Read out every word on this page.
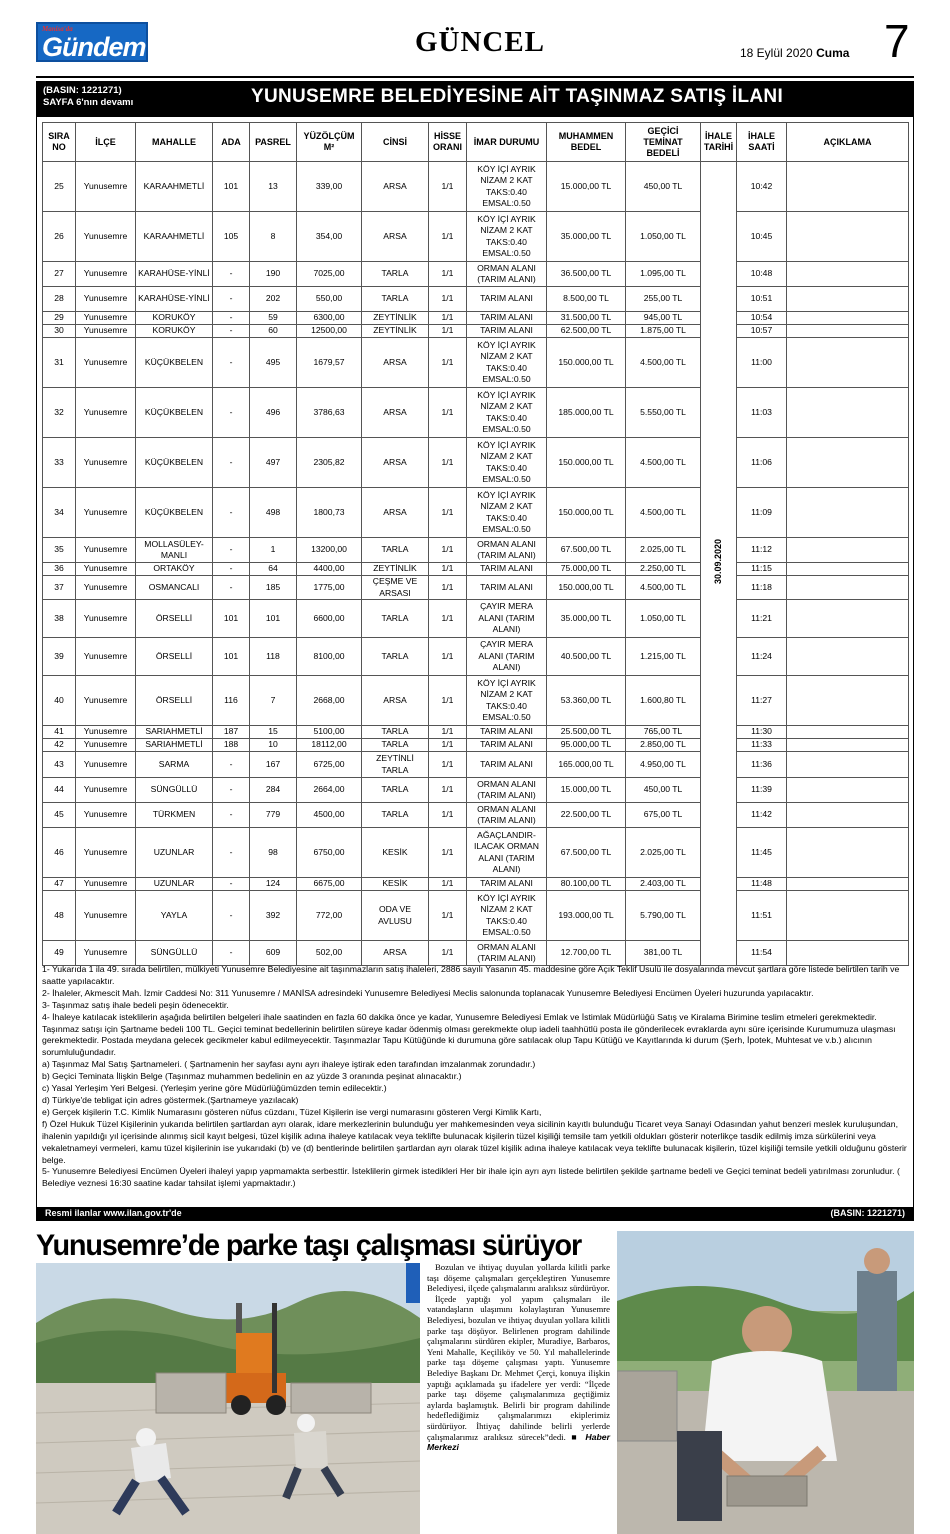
Manisa'da
Gündem	GÜNCEL	18 Eylül 2020 Cuma 7
(BASIN: 1221271)
SAYFA 6'nın devamı	YUNUSEMRE BELEDİYESİNE AİT TAŞINMAZ SATIŞ İLANI
SIRA NO	İLÇE	MAHALLE	ADA	PASREL	YÜZÖLÇÜM M²	CİNSİ	HİSSE ORANI	İMAR DURUMU	MUHAMMEN BEDEL	GEÇİCİ TEMİNAT BEDELİ	İHALE TARİHİ	İHALE SAATİ	AÇIKLAMA
25	Yunusemre	KARAAHMETLİ	101	13	339,00	ARSA	1/1	KÖY İÇİ AYRIK NİZAM 2 KAT TAKS:0.40 EMSAL:0.50	15.000,00 TL	450,00 TL	30.09.2020	10:42	
26	Yunusemre	KARAAHMETLİ	105	8	354,00	ARSA	1/1	KÖY İÇİ AYRIK NİZAM 2 KAT TAKS:0.40 EMSAL:0.50	35.000,00 TL	1.050,00 TL		10:45	
27	Yunusemre	KARAHÜSE-YİNLİ	-	190	7025,00	TARLA	1/1	ORMAN ALANI (TARIM ALANI)	36.500,00 TL	1.095,00 TL		10:48	
28	Yunusemre	KARAHÜSE-YİNLİ	-	202	550,00	TARLA	1/1	TARIM ALANI	8.500,00 TL	255,00 TL		10:51	
29	Yunusemre	KORUKÖY	-	59	6300,00	ZEYTİNLİK	1/1	TARIM ALANI	31.500,00 TL	945,00 TL		10:54	
30	Yunusemre	KORUKÖY	-	60	12500,00	ZEYTİNLİK	1/1	TARIM ALANI	62.500,00 TL	1.875,00 TL		10:57	
31	Yunusemre	KÜÇÜKBELEN	-	495	1679,57	ARSA	1/1	KÖY İÇİ AYRIK NİZAM 2 KAT TAKS:0.40 EMSAL:0.50	150.000,00 TL	4.500,00 TL		11:00	
32	Yunusemre	KÜÇÜKBELEN	-	496	3786,63	ARSA	1/1	KÖY İÇİ AYRIK NİZAM 2 KAT TAKS:0.40 EMSAL:0.50	185.000,00 TL	5.550,00 TL		11:03	
33	Yunusemre	KÜÇÜKBELEN	-	497	2305,82	ARSA	1/1	KÖY İÇİ AYRIK NİZAM 2 KAT TAKS:0.40 EMSAL:0.50	150.000,00 TL	4.500,00 TL		11:06	
34	Yunusemre	KÜÇÜKBELEN	-	498	1800,73	ARSA	1/1	KÖY İÇİ AYRIK NİZAM 2 KAT TAKS:0.40 EMSAL:0.50	150.000,00 TL	4.500,00 TL		11:09	
35	Yunusemre	MOLLASÜLEY-MANLI	-	1	13200,00	TARLA	1/1	ORMAN ALANI (TARIM ALANI)	67.500,00 TL	2.025,00 TL		11:12	
36	Yunusemre	ORTAKÖY	-	64	4400,00	ZEYTİNLİK	1/1	TARIM ALANI	75.000,00 TL	2.250,00 TL		11:15	
37	Yunusemre	OSMANCALI	-	185	1775,00	ÇEŞME VE ARSASI	1/1	TARIM ALANI	150.000,00 TL	4.500,00 TL		11:18	
38	Yunusemre	ÖRSELLİ	101	101	6600,00	TARLA	1/1	ÇAYIR MERA ALANI (TARIM ALANI)	35.000,00 TL	1.050,00 TL		11:21	
39	Yunusemre	ÖRSELLİ	101	118	8100,00	TARLA	1/1	ÇAYIR MERA ALANI (TARIM ALANI)	40.500,00 TL	1.215,00 TL		11:24	
40	Yunusemre	ÖRSELLİ	116	7	2668,00	ARSA	1/1	KÖY İÇİ AYRIK NİZAM 2 KAT TAKS:0.40 EMSAL:0.50	53.360,00 TL	1.600,80 TL		11:27	
41	Yunusemre	SARIAHMETLİ	187	15	5100,00	TARLA	1/1	TARIM ALANI	25.500,00 TL	765,00 TL		11:30	
42	Yunusemre	SARIAHMETLİ	188	10	18112,00	TARLA	1/1	TARIM ALANI	95.000,00 TL	2.850,00 TL		11:33	
43	Yunusemre	SARMA	-	167	6725,00	ZEYTİNLİ TARLA	1/1	TARIM ALANI	165.000,00 TL	4.950,00 TL		11:36	
44	Yunusemre	SÜNGÜLLÜ	-	284	2664,00	TARLA	1/1	ORMAN ALANI (TARIM ALANI)	15.000,00 TL	450,00 TL		11:39	
45	Yunusemre	TÜRKMEN	-	779	4500,00	TARLA	1/1	ORMAN ALANI (TARIM ALANI)	22.500,00 TL	675,00 TL		11:42	
46	Yunusemre	UZUNLAR	-	98	6750,00	KESİK	1/1	AĞAÇLANDIR-ILACAK ORMAN ALANI (TARIM ALANI)	67.500,00 TL	2.025,00 TL		11:45	
47	Yunusemre	UZUNLAR	-	124	6675,00	KESİK	1/1	TARIM ALANI	80.100,00 TL	2.403,00 TL		11:48	
48	Yunusemre	YAYLA	-	392	772,00	ODA VE AVLUSU	1/1	KÖY İÇİ AYRIK NİZAM 2 KAT TAKS:0.40 EMSAL:0.50	193.000,00 TL	5.790,00 TL		11:51	
49	Yunusemre	SÜNGÜLLÜ	-	609	502,00	ARSA	1/1	ORMAN ALANI (TARIM ALANI)	12.700,00 TL	381,00 TL		11:54	

1- Yukarıda 1 ila 49. sırada belirtilen, mülkiyeti Yunusemre Belediyesine ait taşınmazların satış ihaleleri, 2886 sayılı Yasanın 45. maddesine göre Açık Teklif Usulü ile dosyalarında mevcut şartlara göre listede belirtilen tarih ve saatte yapılacaktır.

2- İhaleler, Akmescit Mah. İzmir Caddesi No: 311 Yunusemre / MANİSA adresindeki Yunusemre Belediyesi Meclis salonunda toplanacak Yunusemre Belediyesi Encümen Üyeleri huzurunda yapılacaktır.

3- Taşınmaz satış ihale bedeli peşin ödenecektir.

4- İhaleye katılacak isteklilerin aşağıda belirtilen belgeleri ihale saatinden en fazla 60 dakika önce ye kadar, Yunusemre Belediyesi Emlak ve İstimlak Müdürlüğü Satış ve Kiralama Birimine teslim etmeleri gerekmektedir. Taşınmaz satışı için Şartname bedeli 100 TL. Geçici teminat bedellerinin belirtilen süreye kadar ödenmiş olması gerekmekte olup iadeli taahhütlü posta ile gönderilecek evraklarda aynı süre içerisinde Kurumumuza ulaşması gerekmektedir. Postada meydana gelecek gecikmeler kabul edilmeyecektir. Taşınmazlar Tapu Kütüğünde ki durumuna göre satılacak olup Tapu Kütüğü ve Kayıtlarında ki durum (Şerh, İpotek, Muhtesat ve v.b.) alıcının sorumluluğundadır.

a) Taşınmaz Mal Satış Şartnameleri. ( Şartnamenin her sayfası aynı ayrı ihaleye iştirak eden tarafından imzalanmak zorundadır.)

b) Geçici Teminata İlişkin Belge (Taşınmaz muhammen bedelinin en az yüzde 3 oranında peşinat alınacaktır.)

c) Yasal Yerleşim Yeri Belgesi. (Yerleşim yerine göre Müdürlüğümüzden temin edilecektir.)

d) Türkiye'de tebligat için adres göstermek.(Şartnameye yazılacak)

e) Gerçek kişilerin T.C. Kimlik Numarasını gösteren nüfus cüzdanı, Tüzel Kişilerin ise vergi numarasını gösteren Vergi Kimlik Kartı,

f) Özel Hukuk Tüzel Kişilerinin yukarıda belirtilen şartlardan ayrı olarak, idare merkezlerinin bulunduğu yer mahkemesinden veya sicilinin kayıtlı bulunduğu Ticaret veya Sanayi Odasından yahut benzeri meslek kuruluşundan, ihalenin yapıldığı yıl içerisinde alınmış sicil kayıt belgesi, tüzel kişilik adına ihaleye katılacak veya teklifte bulunacak kişilerin tüzel kişiliği temsile tam yetkili oldukları gösterir noterlikçe tasdik edilmiş imza sürkülerini veya vekaletnameyi vermeleri, kamu tüzel kişilerinin ise yukarıdaki (b) ve (d) bentlerinde belirtilen şartlardan ayrı olarak tüzel kişilik adına ihaleye katılacak veya teklifte bulunacak kişilerin, tüzel kişiliği temsile yetkili olduğunu gösterir belge.

5- Yunusemre Belediyesi Encümen Üyeleri ihaleyi yapıp yapmamakta serbesttir. İsteklilerin girmek istedikleri Her bir ihale için ayrı ayrı listede belirtilen şekilde şartname bedeli ve Geçici teminat bedeli yatırılması zorunludur. ( Belediye veznesi 16:30 saatine kadar tahsilat işlemi yapmaktadır.)

Resmi ilanlar www.ilan.gov.tr'de	(BASIN: 1221271)
Yunusemre’de parke taşı çalışması sürüyor

Bozulan ve ihtiyaç duyulan yollarda kilitli parke taşı döşeme çalışmaları gerçekleştiren Yunusemre Belediyesi, ilçede çalışmalarını aralıksız sürdürüyor.

İlçede yaptığı yol yapım çalışmaları ile vatandaşların ulaşımını kolaylaştıran Yunusemre Belediyesi, bozulan ve ihtiyaç duyulan yollara kilitli parke taşı döşüyor. Belirlenen program dahilinde çalışmalarını sürdüren ekipler, Muradiye, Barbaros, Yeni Mahalle, Keçiliköy ve 50. Yıl mahallelerinde parke taşı döşeme çalışması yaptı. Yunusemre Belediye Başkanı Dr. Mehmet Çerçi, konuya ilişkin yaptığı açıklamada şu ifadelere yer verdi: “İlçede parke taşı döşeme çalışmalarımıza geçtiğimiz aylarda başlamıştık. Belirli bir program dahilinde hedeflediğimiz çalışmalarımızı ekiplerimiz sürdürüyor. İhtiyaç dahilinde belirli yerlerde çalışmalarımız aralıksız sürecek”dedi. ■ Haber Merkezi
